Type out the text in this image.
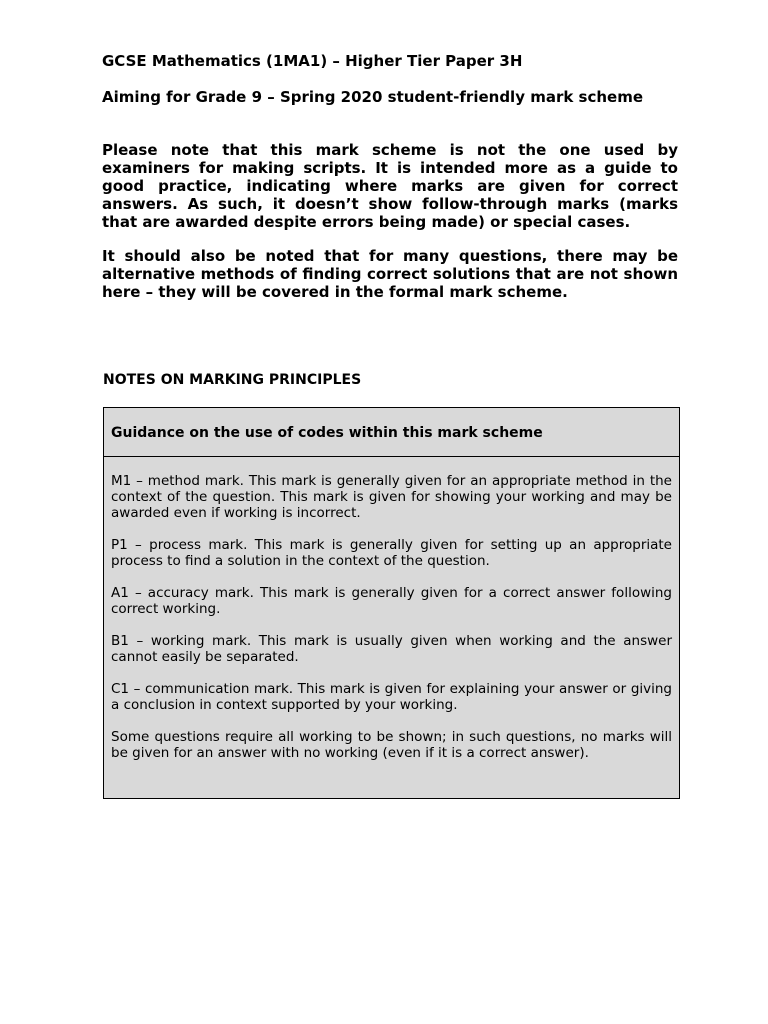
GCSE Mathematics (1MA1) – Higher Tier Paper 3H

Aiming for Grade 9 – Spring 2020 student-friendly mark scheme

Please note that this mark scheme is not the one used by examiners for making scripts. It is intended more as a guide to good practice, indicating where marks are given for correct answers. As such, it doesn’t show follow-through marks (marks that are awarded despite errors being made) or special cases.

It should also be noted that for many questions, there may be alternative methods of finding correct solutions that are not shown here – they will be covered in the formal mark scheme.

NOTES ON MARKING PRINCIPLES

Guidance on the use of codes within this mark scheme

M1 – method mark. This mark is generally given for an appropriate method in the context of the question. This mark is given for showing your working and may be awarded even if working is incorrect.

P1 – process mark. This mark is generally given for setting up an appropriate process to find a solution in the context of the question.

A1 – accuracy mark. This mark is generally given for a correct answer following correct working.

B1 – working mark. This mark is usually given when working and the answer cannot easily be separated.

C1 – communication mark. This mark is given for explaining your answer or giving a conclusion in context supported by your working.

Some questions require all working to be shown; in such questions, no marks will be given for an answer with no working (even if it is a correct answer).
